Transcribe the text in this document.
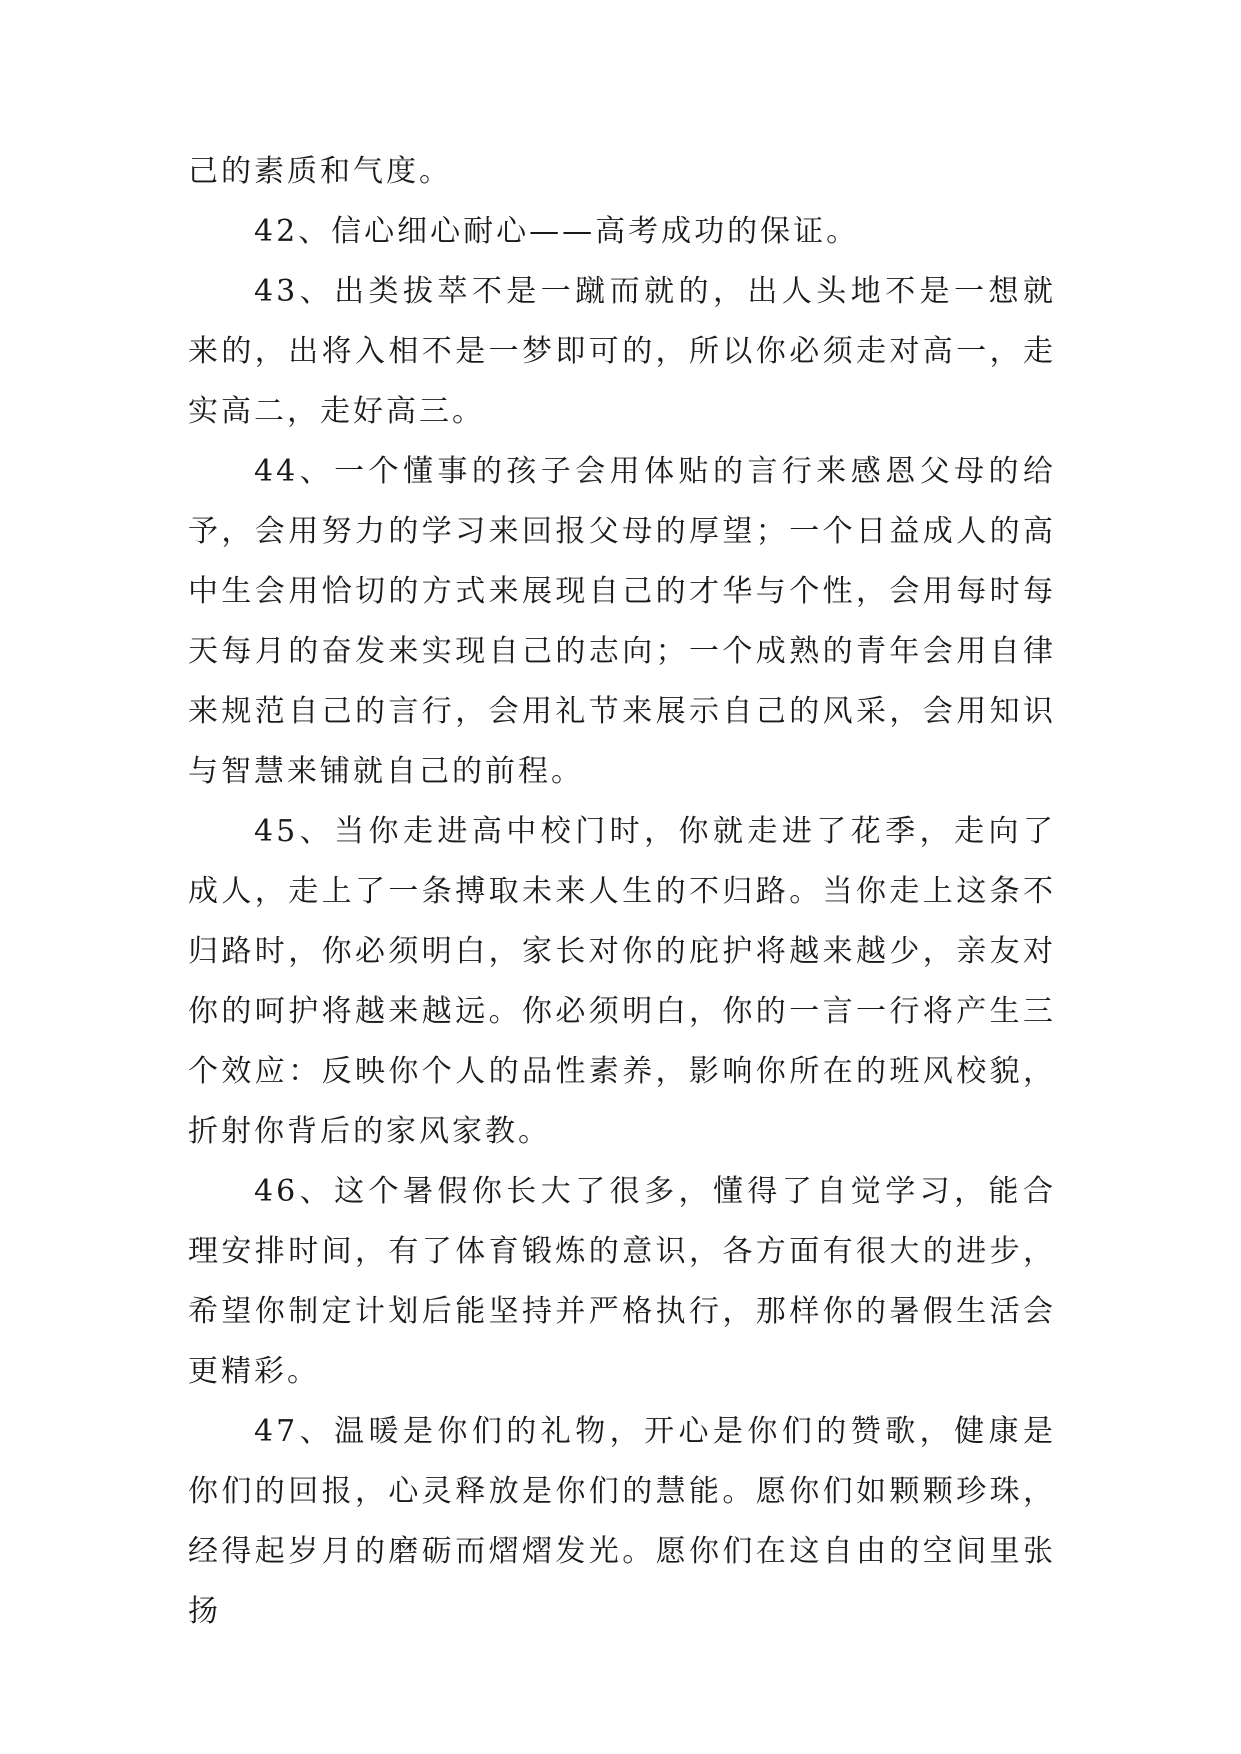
己的素质和气度。

42、信心细心耐心——高考成功的保证。

43、出类拔萃不是一蹴而就的，出人头地不是一想就来的，出将入相不是一梦即可的，所以你必须走对高一，走实高二，走好高三。

44、一个懂事的孩子会用体贴的言行来感恩父母的给予，会用努力的学习来回报父母的厚望；一个日益成人的高中生会用恰切的方式来展现自己的才华与个性，会用每时每天每月的奋发来实现自己的志向；一个成熟的青年会用自律来规范自己的言行，会用礼节来展示自己的风采，会用知识与智慧来铺就自己的前程。

45、当你走进高中校门时，你就走进了花季，走向了成人，走上了一条搏取未来人生的不归路。当你走上这条不归路时，你必须明白，家长对你的庇护将越来越少，亲友对你的呵护将越来越远。你必须明白，你的一言一行将产生三个效应：反映你个人的品性素养，影响你所在的班风校貌，折射你背后的家风家教。

46、这个暑假你长大了很多，懂得了自觉学习，能合理安排时间，有了体育锻炼的意识，各方面有很大的进步，希望你制定计划后能坚持并严格执行，那样你的暑假生活会更精彩。

47、温暖是你们的礼物，开心是你们的赞歌，健康是你们的回报，心灵释放是你们的慧能。愿你们如颗颗珍珠，经得起岁月的磨砺而熠熠发光。愿你们在这自由的空间里张扬
